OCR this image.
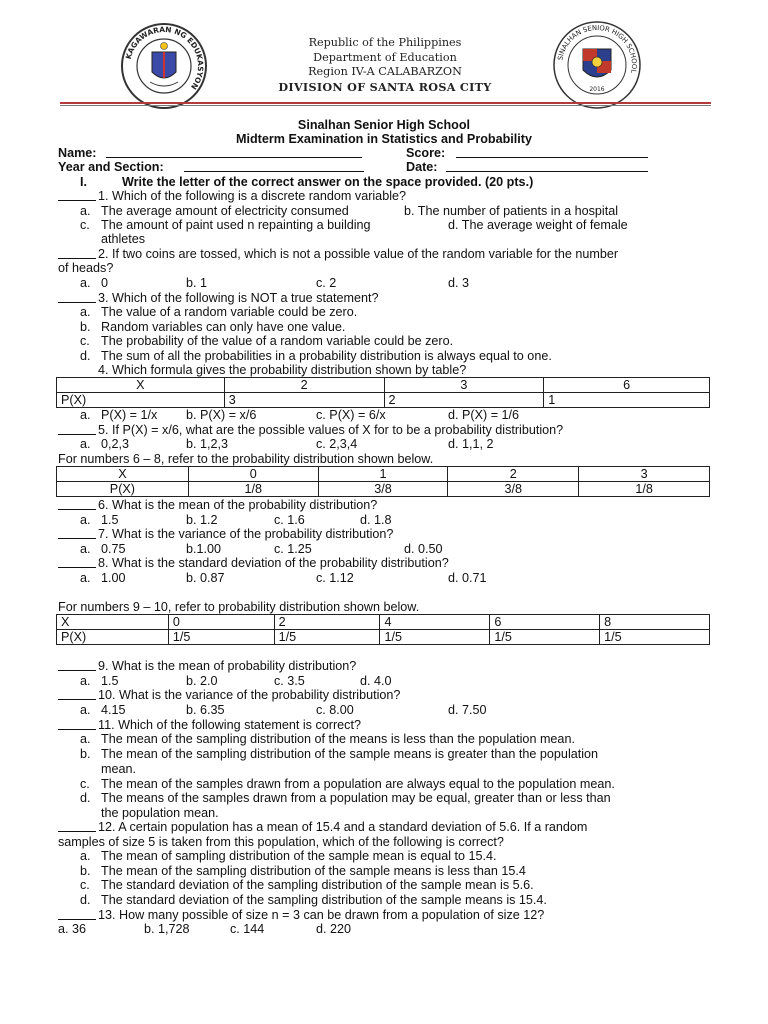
KAGAWARAN NG EDUKASYON
Republic of the Philippines
Department of Education
Region IV-A CALABARZON
DIVISION OF SANTA ROSA CITY
SINALHAN SENIOR HIGH SCHOOL
2016
Sinalhan Senior High School
Midterm Examination in Statistics and Probability
Name:	Score:
Year and Section:	Date:
I.	Write the letter of the correct answer on the space provided. (20 pts.)
1. Which of the following is a discrete random variable?
a. The average amount of electricity consumed	b. The number of patients in a hospital
c. The amount of paint used n repainting a building	d. The average weight of female
athletes
2. If two coins are tossed, which is not a possible value of the random variable for the number
of heads?
a. 0	b. 1	c. 2	d. 3
3. Which of the following is NOT a true statement?
a. The value of a random variable could be zero.
b. Random variables can only have one value.
c. The probability of the value of a random variable could be zero.
d. The sum of all the probabilities in a probability distribution is always equal to one.
4. Which formula gives the probability distribution shown by table?
X	2	3	6
P(X)	3	2	1
a. P(X) = 1/x b. P(X) = x/6	c. P(X) = 6/x	d. P(X) = 1/6
5. If P(X) = x/6, what are the possible values of X for to be a probability distribution?
a. 0,2,3	b. 1,2,3	c. 2,3,4	d. 1,1, 2
For numbers 6 – 8, refer to the probability distribution shown below.
X	0	1	2	3
P(X)	1/8	3/8	3/8	1/8
6. What is the mean of the probability distribution?
a. 1.5	b. 1.2	c. 1.6	d. 1.8
7. What is the variance of the probability distribution?
a. 0.75	b.1.00	c. 1.25	d. 0.50
8. What is the standard deviation of the probability distribution?
a. 1.00	b. 0.87	c. 1.12	d. 0.71
For numbers 9 – 10, refer to probability distribution shown below.
X	0	2	4	6	8
P(X)	1/5	1/5	1/5	1/5	1/5
9. What is the mean of probability distribution?
a. 1.5	b. 2.0	c. 3.5	d. 4.0
10. What is the variance of the probability distribution?
a. 4.15	b. 6.35	c. 8.00	d. 7.50
11. Which of the following statement is correct?
a. The mean of the sampling distribution of the means is less than the population mean.
b. The mean of the sampling distribution of the sample means is greater than the population
mean.
c. The mean of the samples drawn from a population are always equal to the population mean.
d. The means of the samples drawn from a population may be equal, greater than or less than
the population mean.
12. A certain population has a mean of 15.4 and a standard deviation of 5.6. If a random
samples of size 5 is taken from this population, which of the following is correct?
a. The mean of sampling distribution of the sample mean is equal to 15.4.
b. The mean of the sampling distribution of the sample means is less than 15.4
c. The standard deviation of the sampling distribution of the sample mean is 5.6.
d. The standard deviation of the sampling distribution of the sample means is 15.4.
13. How many possible of size n = 3 can be drawn from a population of size 12?
a. 36	b. 1,728	c. 144	d. 220
